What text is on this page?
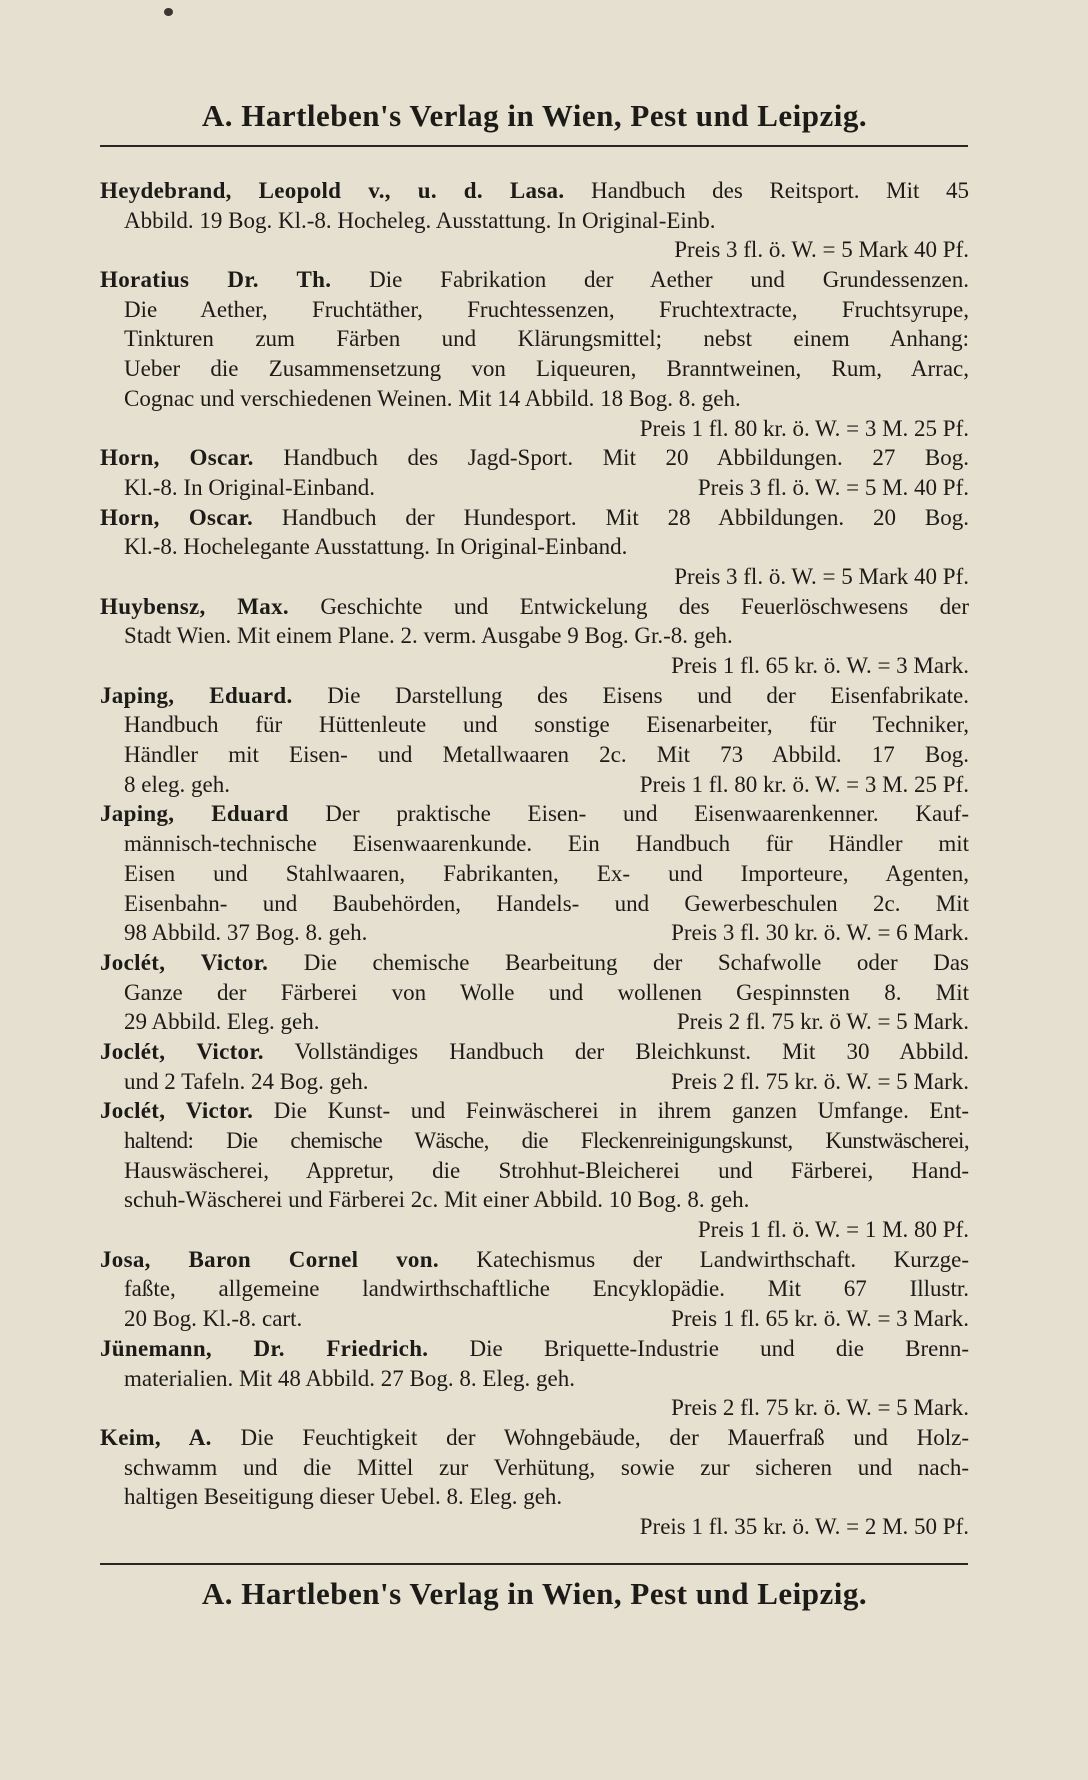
A. Hartleben's Verlag in Wien, Pest und Leipzig.
Heydebrand, Leopold v., u. d. Lasa. Handbuch des Reitsport. Mit 45
Abbild. 19 Bog. Kl.-8. Hocheleg. Ausstattung. In Original-Einb.
Preis 3 fl. ö. W. = 5 Mark 40 Pf.
Horatius Dr. Th. Die Fabrikation der Aether und Grundessenzen.
Die Aether, Fruchtäther, Fruchtessenzen, Fruchtextracte, Fruchtsyrupe,
Tinkturen zum Färben und Klärungsmittel; nebst einem Anhang:
Ueber die Zusammensetzung von Liqueuren, Branntweinen, Rum, Arrac,
Cognac und verschiedenen Weinen. Mit 14 Abbild. 18 Bog. 8. geh.
Preis 1 fl. 80 kr. ö. W. = 3 M. 25 Pf.
Horn, Oscar. Handbuch des Jagd-Sport. Mit 20 Abbildungen. 27 Bog.
Kl.-8. In Original-Einband.	Preis 3 fl. ö. W. = 5 M. 40 Pf.
Horn, Oscar. Handbuch der Hundesport. Mit 28 Abbildungen. 20 Bog.
Kl.-8. Hochelegante Ausstattung. In Original-Einband.
Preis 3 fl. ö. W. = 5 Mark 40 Pf.
Huybensz, Max. Geschichte und Entwickelung des Feuerlöschwesens der
Stadt Wien. Mit einem Plane. 2. verm. Ausgabe 9 Bog. Gr.-8. geh.
Preis 1 fl. 65 kr. ö. W. = 3 Mark.
Japing, Eduard. Die Darstellung des Eisens und der Eisenfabrikate.
Handbuch für Hüttenleute und sonstige Eisenarbeiter, für Techniker,
Händler mit Eisen- und Metallwaaren 2c. Mit 73 Abbild. 17 Bog.
8 eleg. geh.	Preis 1 fl. 80 kr. ö. W. = 3 M. 25 Pf.
Japing, Eduard Der praktische Eisen- und Eisenwaarenkenner. Kauf-
männisch-technische Eisenwaarenkunde. Ein Handbuch für Händler mit
Eisen und Stahlwaaren, Fabrikanten, Ex- und Importeure, Agenten,
Eisenbahn- und Baubehörden, Handels- und Gewerbeschulen 2c. Mit
98 Abbild. 37 Bog. 8. geh.	Preis 3 fl. 30 kr. ö. W. = 6 Mark.
Joclét, Victor. Die chemische Bearbeitung der Schafwolle oder Das
Ganze der Färberei von Wolle und wollenen Gespinnsten 8. Mit
29 Abbild. Eleg. geh.	Preis 2 fl. 75 kr. ö W. = 5 Mark.
Joclét, Victor. Vollständiges Handbuch der Bleichkunst. Mit 30 Abbild.
und 2 Tafeln. 24 Bog. geh.	Preis 2 fl. 75 kr. ö. W. = 5 Mark.
Joclét, Victor. Die Kunst- und Feinwäscherei in ihrem ganzen Umfange. Ent-
haltend: Die chemische Wäsche, die Fleckenreinigungskunst, Kunstwäscherei,
Hauswäscherei, Appretur, die Strohhut-Bleicherei und Färberei, Hand-
schuh-Wäscherei und Färberei 2c. Mit einer Abbild. 10 Bog. 8. geh.
Preis 1 fl. ö. W. = 1 M. 80 Pf.
Josa, Baron Cornel von. Katechismus der Landwirthschaft. Kurzge-
faßte, allgemeine landwirthschaftliche Encyklopädie. Mit 67 Illustr.
20 Bog. Kl.-8. cart.	Preis 1 fl. 65 kr. ö. W. = 3 Mark.
Jünemann, Dr. Friedrich. Die Briquette-Industrie und die Brenn-
materialien. Mit 48 Abbild. 27 Bog. 8. Eleg. geh.
Preis 2 fl. 75 kr. ö. W. = 5 Mark.
Keim, A. Die Feuchtigkeit der Wohngebäude, der Mauerfraß und Holz-
schwamm und die Mittel zur Verhütung, sowie zur sicheren und nach-
haltigen Beseitigung dieser Uebel. 8. Eleg. geh.
Preis 1 fl. 35 kr. ö. W. = 2 M. 50 Pf.
A. Hartleben's Verlag in Wien, Pest und Leipzig.
